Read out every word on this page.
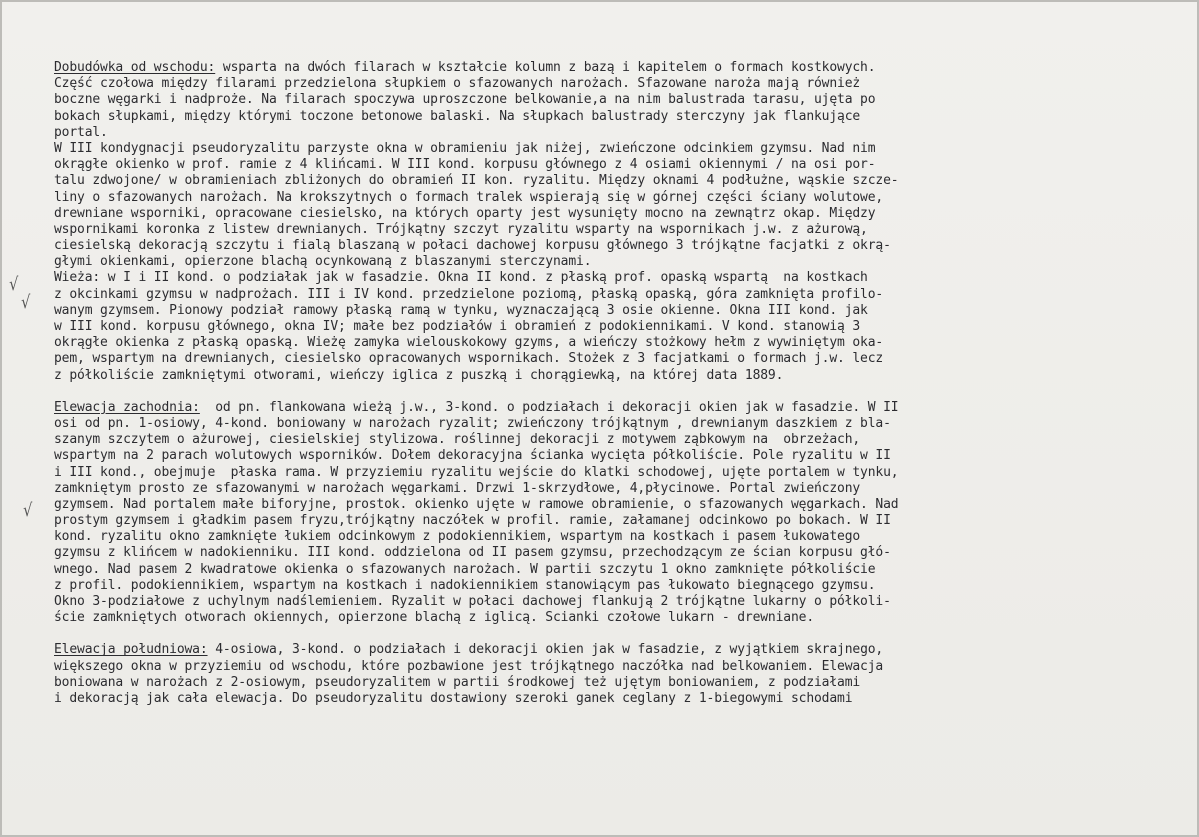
√
√
√
Dobudówka od wschodu: wsparta na dwóch filarach w kształcie kolumn z bazą i kapitelem o formach kostkowych.
Część czołowa między filarami przedzielona słupkiem o sfazowanych narożach. Sfazowane naroża mają również
boczne węgarki i nadproże. Na filarach spoczywa uproszczone belkowanie,a na nim balustrada tarasu, ujęta po
bokach słupkami, między którymi toczone betonowe balaski. Na słupkach balustrady sterczyny jak flankujące
portal.
W III kondygnacji pseudoryzalitu parzyste okna w obramieniu jak niżej, zwieńczone odcinkiem gzymsu. Nad nim
okrągłe okienko w prof. ramie z 4 klińcami. W III kond. korpusu głównego z 4 osiami okiennymi / na osi por-
talu zdwojone/ w obramieniach zbliżonych do obramień II kon. ryzalitu. Między oknami 4 podłużne, wąskie szcze-
liny o sfazowanych narożach. Na krokszytnych o formach tralek wspierają się w górnej części ściany wolutowe,
drewniane wsporniki, opracowane ciesielsko, na których oparty jest wysunięty mocno na zewnątrz okap. Między
wspornikami koronka z listew drewnianych. Trójkątny szczyt ryzalitu wsparty na wspornikach j.w. z ażurową,
ciesielską dekoracją szczytu i fialą blaszaną w połaci dachowej korpusu głównego 3 trójkątne facjatki z okrą-
głymi okienkami, opierzone blachą ocynkowaną z blaszanymi sterczynami.
Wieża: w I i II kond. o podziałak jak w fasadzie. Okna II kond. z płaską prof. opaską wspartą  na kostkach
z okcinkami gzymsu w nadprożach. III i IV kond. przedzielone poziomą, płaską opaską, góra zamknięta profilo-
wanym gzymsem. Pionowy podział ramowy płaską ramą w tynku, wyznaczającą 3 osie okienne. Okna III kond. jak
w III kond. korpusu głównego, okna IV; małe bez podziałów i obramień z podokiennikami. V kond. stanowią 3
okrągłe okienka z płaską opaską. Wieżę zamyka wielouskokowy gzyms, a wieńczy stożkowy hełm z wywiniętym oka-
pem, wspartym na drewnianych, ciesielsko opracowanych wspornikach. Stożek z 3 facjatkami o formach j.w. lecz
z półkoliście zamkniętymi otworami, wieńczy iglica z puszką i chorągiewką, na której data 1889.
Elewacja zachodnia:  od pn. flankowana wieżą j.w., 3-kond. o podziałach i dekoracji okien jak w fasadzie. W II
osi od pn. 1-osiowy, 4-kond. boniowany w narożach ryzalit; zwieńczony trójkątnym , drewnianym daszkiem z bla-
szanym szczytem o ażurowej, ciesielskiej stylizowa. roślinnej dekoracji z motywem ząbkowym na  obrzeżach,
wspartym na 2 parach wolutowych wsporników. Dołem dekoracyjna ścianka wycięta półkoliście. Pole ryzalitu w II
i III kond., obejmuje  płaska rama. W przyziemiu ryzalitu wejście do klatki schodowej, ujęte portalem w tynku,
zamkniętym prosto ze sfazowanymi w narożach węgarkami. Drzwi 1-skrzydłowe, 4,płycinowe. Portal zwieńczony
gzymsem. Nad portalem małe biforyjne, prostok. okienko ujęte w ramowe obramienie, o sfazowanych węgarkach. Nad
prostym gzymsem i gładkim pasem fryzu,trójkątny naczółek w profil. ramie, załamanej odcinkowo po bokach. W II
kond. ryzalitu okno zamknięte łukiem odcinkowym z podokiennikiem, wspartym na kostkach i pasem łukowatego
gzymsu z klińcem w nadokienniku. III kond. oddzielona od II pasem gzymsu, przechodzącym ze ścian korpusu głó-
wnego. Nad pasem 2 kwadratowe okienka o sfazowanych narożach. W partii szczytu 1 okno zamknięte półkoliście
z profil. podokiennikiem, wspartym na kostkach i nadokiennikiem stanowiącym pas łukowato biegnącego gzymsu.
Okno 3-podziałowe z uchylnym nadślemieniem. Ryzalit w połaci dachowej flankują 2 trójkątne lukarny o półkoli-
ście zamkniętych otworach okiennych, opierzone blachą z iglicą. Ścianki czołowe lukarn - drewniane.
Elewacja południowa: 4-osiowa, 3-kond. o podziałach i dekoracji okien jak w fasadzie, z wyjątkiem skrajnego,
większego okna w przyziemiu od wschodu, które pozbawione jest trójkątnego naczółka nad belkowaniem. Elewacja
boniowana w narożach z 2-osiowym, pseudoryzalitem w partii środkowej też ujętym boniowaniem, z podziałami
i dekoracją jak cała elewacja. Do pseudoryzalitu dostawiony szeroki ganek ceglany z 1-biegowymi schodami
